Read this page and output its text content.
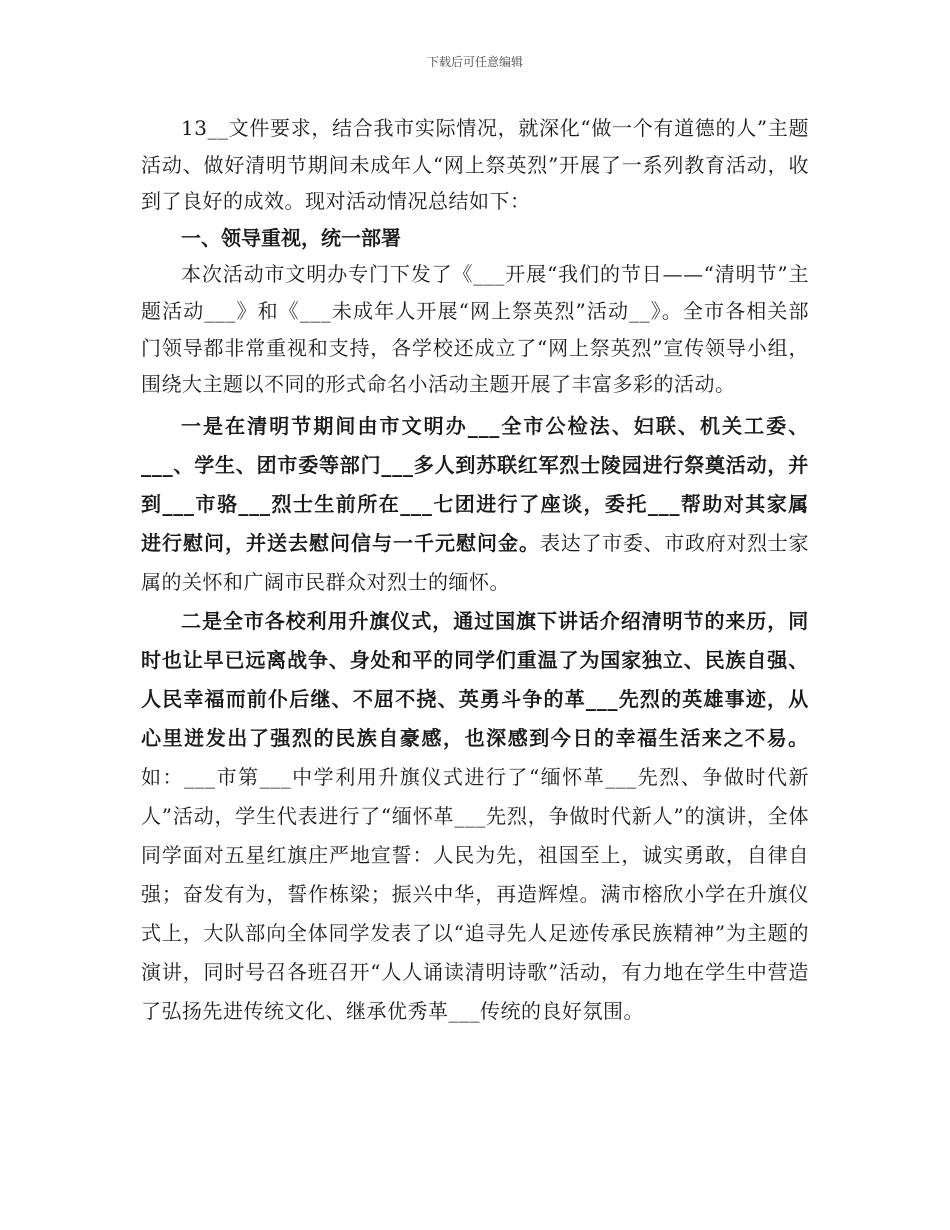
下载后可任意编辑

13__文件要求，结合我市实际情况，就深化“做一个有道德的人”主题活动、做好清明节期间未成年人“网上祭英烈”开展了一系列教育活动，收到了良好的成效。现对活动情况总结如下：

一、领导重视，统一部署

本次活动市文明办专门下发了《___开展“我们的节日——“清明节”主题活动___》和《___未成年人开展“网上祭英烈”活动__》。全市各相关部门领导都非常重视和支持，各学校还成立了“网上祭英烈”宣传领导小组，围绕大主题以不同的形式命名小活动主题开展了丰富多彩的活动。

一是在清明节期间由市文明办___全市公检法、妇联、机关工委、___、学生、团市委等部门___多人到苏联红军烈士陵园进行祭奠活动，并到___市骆___烈士生前所在___七团进行了座谈，委托___帮助对其家属进行慰问，并送去慰问信与一千元慰问金。表达了市委、市政府对烈士家属的关怀和广阔市民群众对烈士的缅怀。

二是全市各校利用升旗仪式，通过国旗下讲话介绍清明节的来历，同时也让早已远离战争、身处和平的同学们重温了为国家独立、民族自强、人民幸福而前仆后继、不屈不挠、英勇斗争的革___先烈的英雄事迹，从心里迸发出了强烈的民族自豪感，也深感到今日的幸福生活来之不易。如：___市第___中学利用升旗仪式进行了“缅怀革___先烈、争做时代新人”活动，学生代表进行了“缅怀革___先烈，争做时代新人”的演讲，全体同学面对五星红旗庄严地宣誓：人民为先，祖国至上，诚实勇敢，自律自强；奋发有为，誓作栋梁；振兴中华，再造辉煌。满市榕欣小学在升旗仪式上，大队部向全体同学发表了以“追寻先人足迹传承民族精神”为主题的演讲，同时号召各班召开“人人诵读清明诗歌”活动，有力地在学生中营造了弘扬先进传统文化、继承优秀革___传统的良好氛围。
